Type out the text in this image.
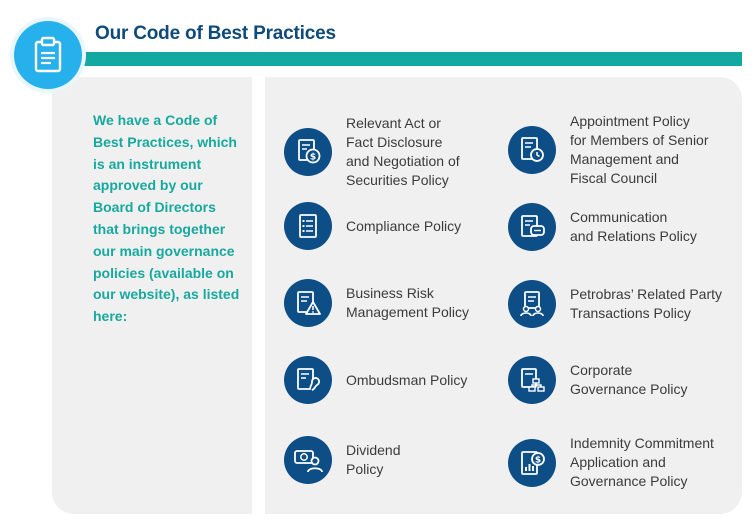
Our Code of Best Practices
We have a Code of Best Practices, which is an instrument approved by our Board of Directors that brings together our main governance policies (available on our website), as listed here:
$
Relevant Act or
Fact Disclosure
and Negotiation of
Securities Policy
Compliance Policy
Business Risk
Management Policy
Ombudsman Policy
Dividend
Policy
Appointment Policy
for Members of Senior
Management and
Fiscal Council
Communication
and Relations Policy
Petrobras’ Related Party
Transactions Policy
Corporate
Governance Policy
$
Indemnity Commitment
Application and
Governance Policy
